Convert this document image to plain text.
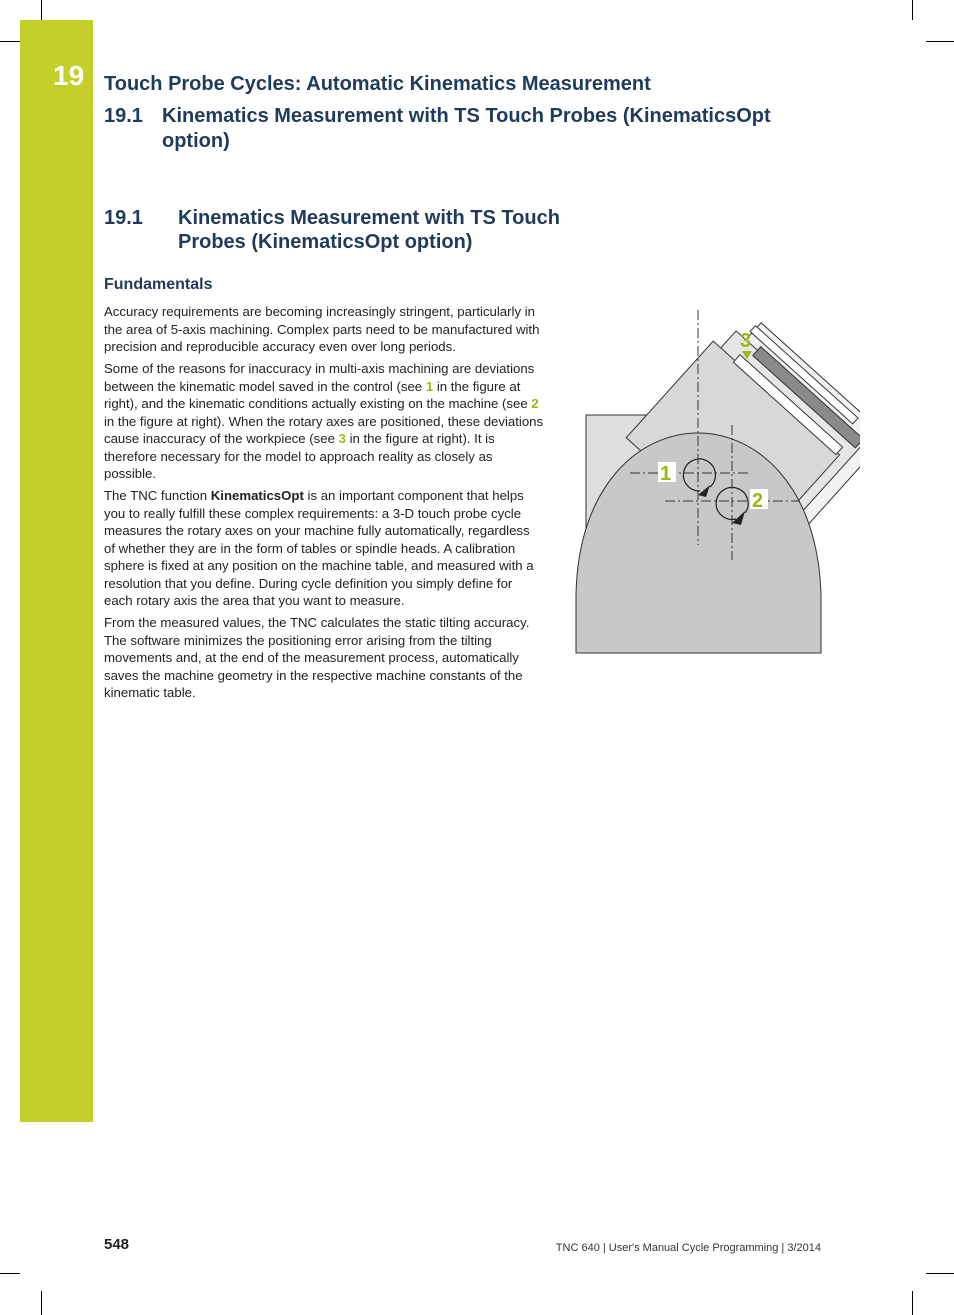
19 Touch Probe Cycles: Automatic Kinematics Measurement
19.1 Kinematics Measurement with TS Touch Probes (KinematicsOpt option)
19.1	Kinematics Measurement with TS Touch Probes (KinematicsOpt option)
Fundamentals

Accuracy requirements are becoming increasingly stringent, particularly in the area of 5-axis machining. Complex parts need to be manufactured with precision and reproducible accuracy even over long periods.

Some of the reasons for inaccuracy in multi-axis machining are deviations between the kinematic model saved in the control (see 1 in the figure at right), and the kinematic conditions actually existing on the machine (see 2 in the figure at right). When the rotary axes are positioned, these deviations cause inaccuracy of the workpiece (see 3 in the figure at right). It is therefore necessary for the model to approach reality as closely as possible.

The TNC function KinematicsOpt is an important component that helps you to really fulfill these complex requirements: a 3-D touch probe cycle measures the rotary axes on your machine fully automatically, regardless of whether they are in the form of tables or spindle heads. A calibration sphere is fixed at any position on the machine table, and measured with a resolution that you define. During cycle definition you simply define for each rotary axis the area that you want to measure.

From the measured values, the TNC calculates the static tilting accuracy. The software minimizes the positioning error arising from the tilting movements and, at the end of the measurement process, automatically saves the machine geometry in the respective machine constants of the kinematic table.

1
2
3
548	TNC 640 | User's Manual Cycle Programming | 3/2014
